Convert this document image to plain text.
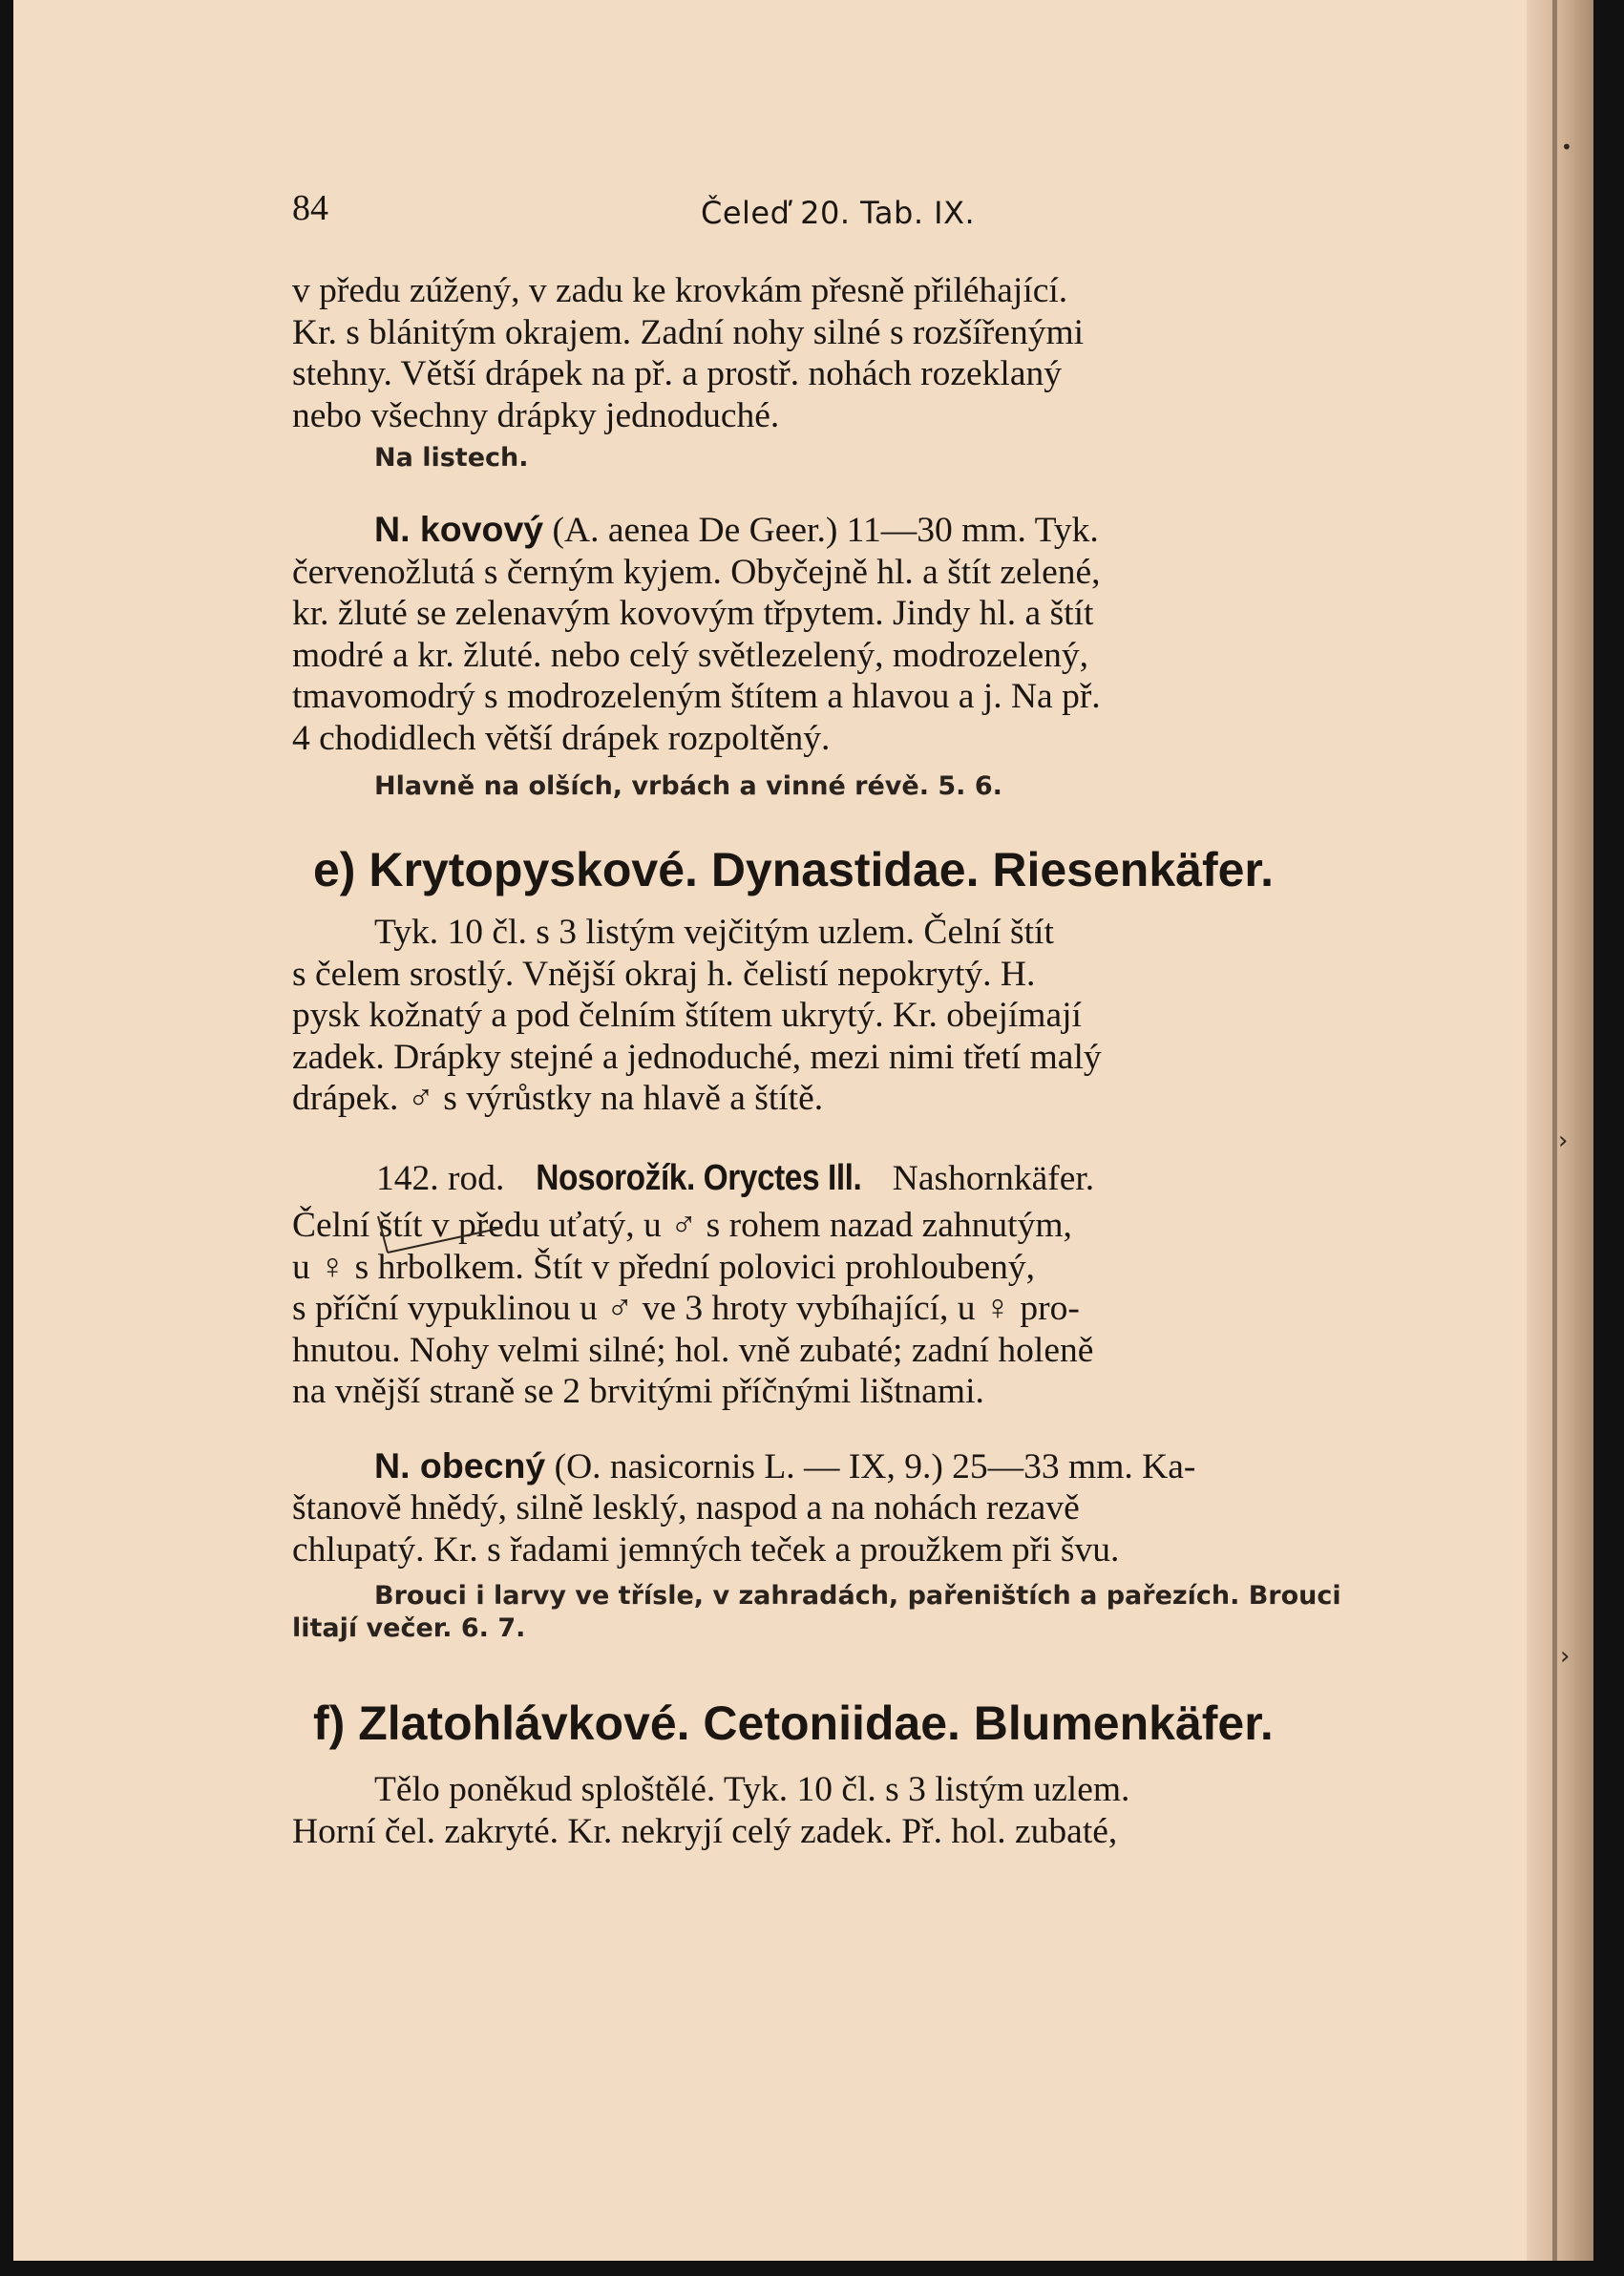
•
›
›
84	Čeleď 20. Tab. IX.
v předu zúžený, v zadu ke krovkám přesně přiléhající.
Kr. s blánitým okrajem. Zadní nohy silné s rozšířenými
stehny. Větší drápek na př. a prostř. nohách rozeklaný
nebo všechny drápky jednoduché.
Na listech.
N. kovový (A. aenea De Geer.) 11—30 mm. Tyk.
červenožlutá s černým kyjem. Obyčejně hl. a štít zelené,
kr. žluté se zelenavým kovovým třpytem. Jindy hl. a štít
modré a kr. žluté. nebo celý světlezelený, modrozelený,
tmavomodrý s modrozeleným štítem a hlavou a j. Na př.
4 chodidlech větší drápek rozpoltěný.
Hlavně na olších, vrbách a vinné révě. 5. 6.
e) Krytopyskové. Dynastidae. Riesenkäfer.
Tyk. 10 čl. s 3 listým vejčitým uzlem. Čelní štít
s čelem srostlý. Vnější okraj h. čelistí nepokrytý. H.
pysk kožnatý a pod čelním štítem ukrytý. Kr. obejímají
zadek. Drápky stejné a jednoduché, mezi nimi třetí malý
drápek. ♂ s výrůstky na hlavě a štítě.
142. rod. Nosorožík. Oryctes Ill. Nashornkäfer.
Čelní štít v předu uťatý, u ♂ s rohem nazad zahnutým,
u ♀ s hrbolkem. Štít v přední polovici prohloubený,
s příční vypuklinou u ♂ ve 3 hroty vybíhající, u ♀ pro-
hnutou. Nohy velmi silné; hol. vně zubaté; zadní holeně
na vnější straně se 2 brvitými příčnými lištnami.
N. obecný (O. nasicornis L. — IX, 9.) 25—33 mm. Ka-
štanově hnědý, silně lesklý, naspod a na nohách rezavě
chlupatý. Kr. s řadami jemných teček a proužkem při švu.
Brouci i larvy ve třísle, v zahradách, pařeništích a pařezích. Brouci
litají večer. 6. 7.
f) Zlatohlávkové. Cetoniidae. Blumenkäfer.
Tělo poněkud sploštělé. Tyk. 10 čl. s 3 listým uzlem.
Horní čel. zakryté. Kr. nekryjí celý zadek. Př. hol. zubaté,
